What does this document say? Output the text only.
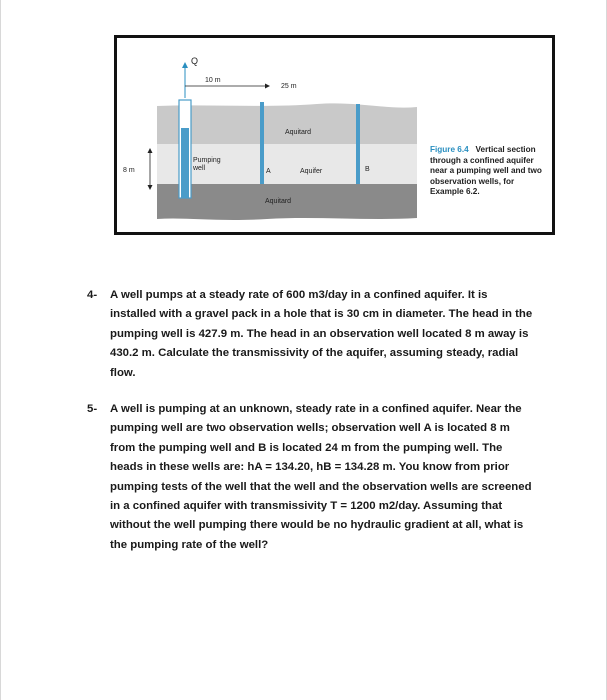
Q
10 m
25 m
8 m
Aquitard
Pumping well	A	Aquifer	B
Aquitard
Figure 6.4 Vertical section through a confined aquifer near a pumping well and two observation wells, for Example 6.2.
4- A well pumps at a steady rate of 600 m3/day in a confined aquifer. It is installed with a gravel pack in a hole that is 30 cm in diameter. The head in the pumping well is 427.9 m. The head in an observation well located 8 m away is 430.2 m. Calculate the transmissivity of the aquifer, assuming steady, radial flow.
5- A well is pumping at an unknown, steady rate in a confined aquifer. Near the pumping well are two observation wells; observation well A is located 8 m from the pumping well and B is located 24 m from the pumping well. The heads in these wells are: hA = 134.20, hB = 134.28 m. You know from prior pumping tests of the well that the well and the observation wells are screened in a confined aquifer with transmissivity T = 1200 m2/day. Assuming that without the well pumping there would be no hydraulic gradient at all, what is the pumping rate of the well?
